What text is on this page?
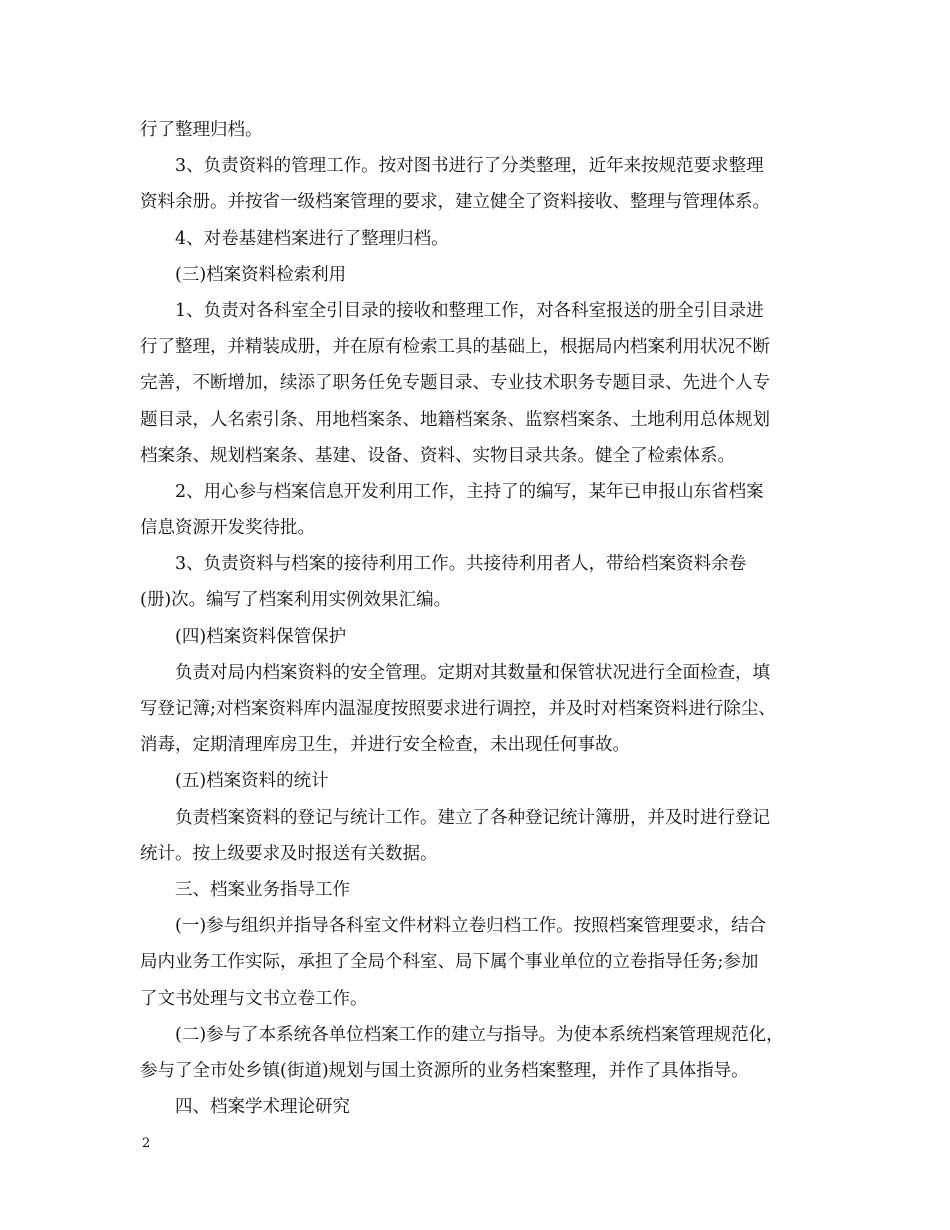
行了整理归档。
3、负责资料的管理工作。按对图书进行了分类整理，近年来按规范要求整理
资料余册。并按省一级档案管理的要求，建立健全了资料接收、整理与管理体系。
4、对卷基建档案进行了整理归档。
(三)档案资料检索利用
1、负责对各科室全引目录的接收和整理工作，对各科室报送的册全引目录进
行了整理，并精装成册，并在原有检索工具的基础上，根据局内档案利用状况不断
完善，不断增加，续添了职务任免专题目录、专业技术职务专题目录、先进个人专
题目录，人名索引条、用地档案条、地籍档案条、监察档案条、土地利用总体规划
档案条、规划档案条、基建、设备、资料、实物目录共条。健全了检索体系。
2、用心参与档案信息开发利用工作，主持了的编写，某年已申报山东省档案
信息资源开发奖待批。
3、负责资料与档案的接待利用工作。共接待利用者人，带给档案资料余卷
(册)次。编写了档案利用实例效果汇编。
(四)档案资料保管保护
负责对局内档案资料的安全管理。定期对其数量和保管状况进行全面检查，填
写登记簿;对档案资料库内温湿度按照要求进行调控，并及时对档案资料进行除尘、
消毒，定期清理库房卫生，并进行安全检查，未出现任何事故。
(五)档案资料的统计
负责档案资料的登记与统计工作。建立了各种登记统计簿册，并及时进行登记
统计。按上级要求及时报送有关数据。
三、档案业务指导工作
(一)参与组织并指导各科室文件材料立卷归档工作。按照档案管理要求，结合
局内业务工作实际，承担了全局个科室、局下属个事业单位的立卷指导任务;参加
了文书处理与文书立卷工作。
(二)参与了本系统各单位档案工作的建立与指导。为使本系统档案管理规范化，
参与了全市处乡镇(街道)规划与国土资源所的业务档案整理，并作了具体指导。
四、档案学术理论研究
2
